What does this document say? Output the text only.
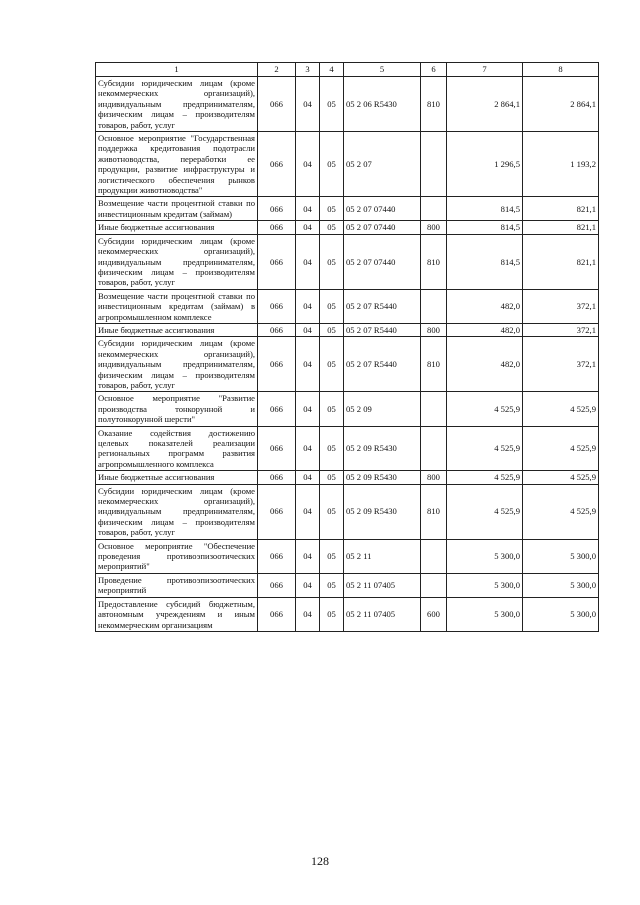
1	2	3	4	5	6	7	8
Субсидии юридическим лицам (кроме некоммерческих организаций), индивидуальным предпринимателям, физическим лицам – производителям товаров, работ, услуг	066	04	05	05 2 06 R5430	810	2 864,1	2 864,1
Основное мероприятие "Государственная поддержка кредитования подотрасли животноводства, переработки ее продукции, развитие инфраструктуры и логистического обеспечения рынков продукции животноводства"	066	04	05	05 2 07		1 296,5	1 193,2
Возмещение части процентной ставки по инвестиционным кредитам (займам)	066	04	05	05 2 07 07440		814,5	821,1
Иные бюджетные ассигнования	066	04	05	05 2 07 07440	800	814,5	821,1
Субсидии юридическим лицам (кроме некоммерческих организаций), индивидуальным предпринимателям, физическим лицам – производителям товаров, работ, услуг	066	04	05	05 2 07 07440	810	814,5	821,1
Возмещение части процентной ставки по инвестиционным кредитам (займам) в агропромышленном комплексе	066	04	05	05 2 07 R5440		482,0	372,1
Иные бюджетные ассигнования	066	04	05	05 2 07 R5440	800	482,0	372,1
Субсидии юридическим лицам (кроме некоммерческих организаций), индивидуальным предпринимателям, физическим лицам – производителям товаров, работ, услуг	066	04	05	05 2 07 R5440	810	482,0	372,1
Основное мероприятие "Развитие производства тонкорунной и полутонкорунной шерсти"	066	04	05	05 2 09		4 525,9	4 525,9
Оказание содействия достижению целевых показателей реализации региональных программ развития агропромышленного комплекса	066	04	05	05 2 09 R5430		4 525,9	4 525,9
Иные бюджетные ассигнования	066	04	05	05 2 09 R5430	800	4 525,9	4 525,9
Субсидии юридическим лицам (кроме некоммерческих организаций), индивидуальным предпринимателям, физическим лицам – производителям товаров, работ, услуг	066	04	05	05 2 09 R5430	810	4 525,9	4 525,9
Основное мероприятие "Обеспечение проведения противоэпизоотических мероприятий"	066	04	05	05 2 11		5 300,0	5 300,0
Проведение противоэпизоотических мероприятий	066	04	05	05 2 11 07405		5 300,0	5 300,0
Предоставление субсидий бюджетным, автономным учреждениям и иным некоммерческим организациям	066	04	05	05 2 11 07405	600	5 300,0	5 300,0
128
